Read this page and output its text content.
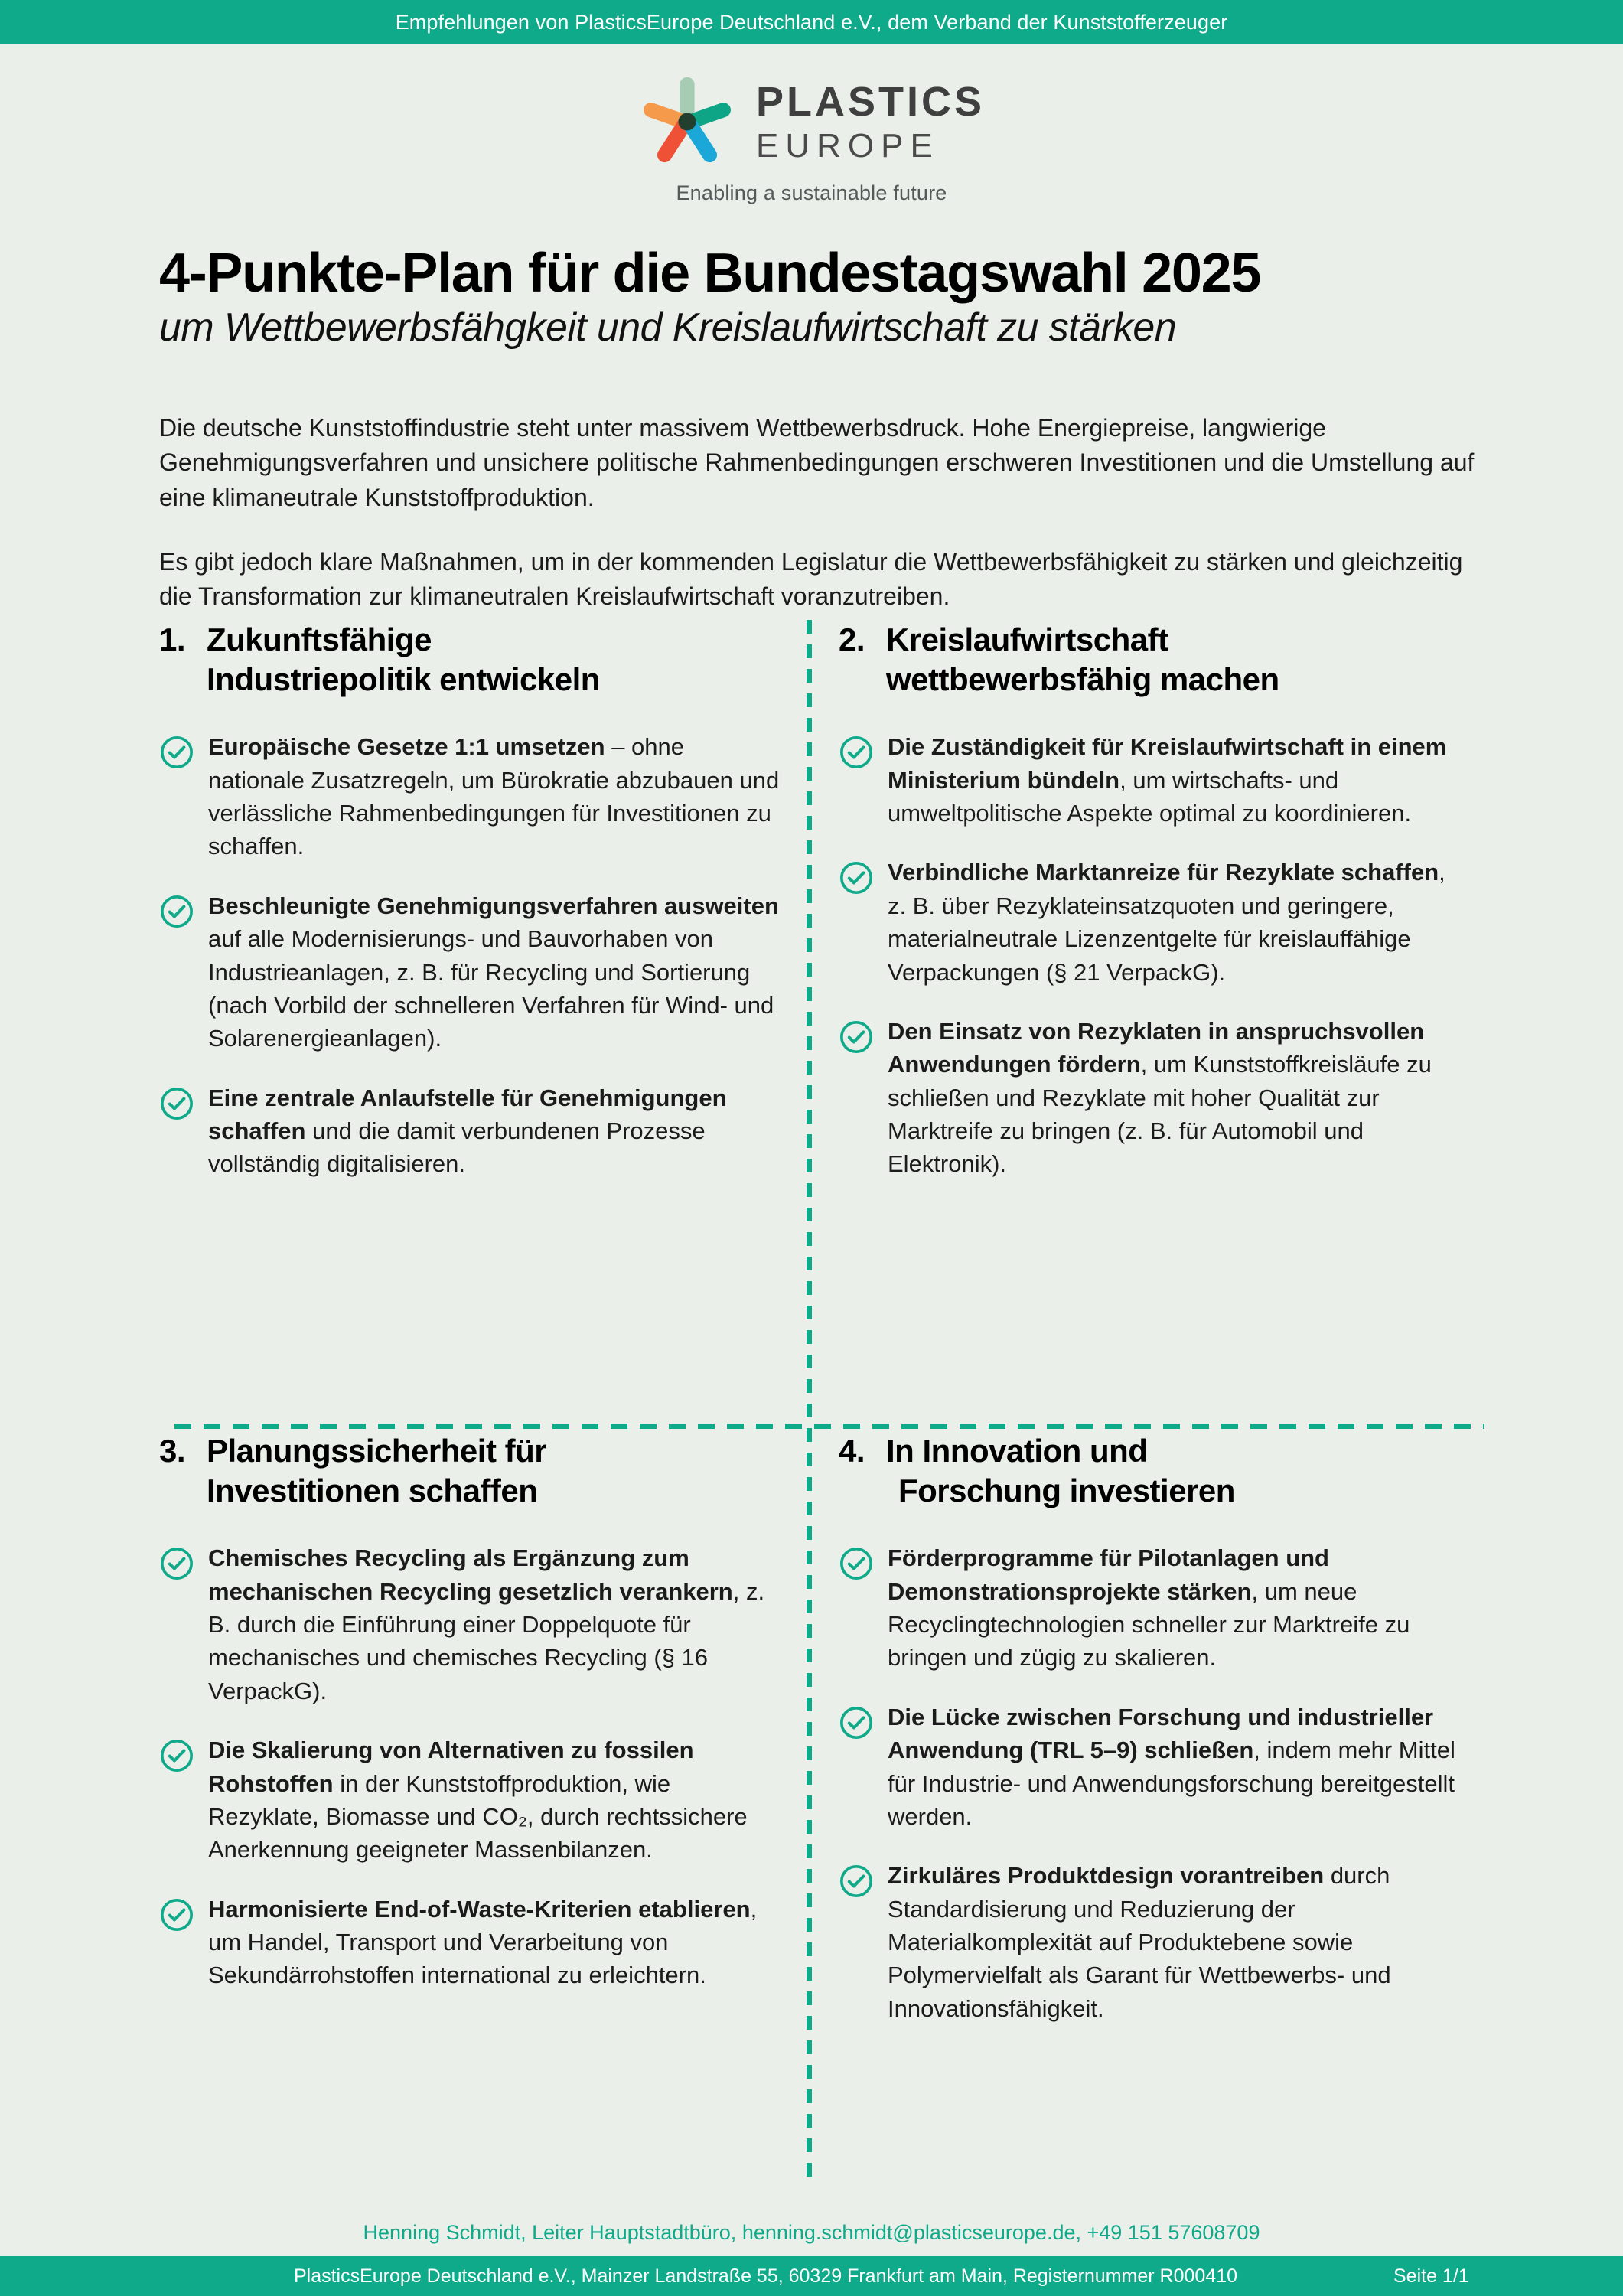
Empfehlungen von PlasticsEurope Deutschland e.V., dem Verband der Kunststofferzeuger
PLASTICS
EUROPE
Enabling a sustainable future
4-Punkte-Plan für die Bundestagswahl 2025
um Wettbewerbsfähgkeit und Kreislaufwirtschaft zu stärken

Die deutsche Kunststoffindustrie steht unter massivem Wettbewerbsdruck. Hohe Energiepreise, langwierige Genehmigungsverfahren und unsichere politische Rahmenbedingungen erschweren Investitionen und die Umstellung auf eine klimaneutrale Kunststoffproduktion.

Es gibt jedoch klare Maßnahmen, um in der kommenden Legislatur die Wettbewerbsfähigkeit zu stärken und gleichzeitig die Transformation zur klimaneutralen Kreislaufwirtschaft voranzutreiben.

1. Zukunftsfähige
Industriepolitik entwickeln
Europäische Gesetze 1:1 umsetzen – ohne nationale Zusatzregeln, um Bürokratie abzubauen und verlässliche Rahmenbedingungen für Investitionen zu schaffen.
Beschleunigte Genehmigungsverfahren ausweiten auf alle Modernisierungs- und Bauvorhaben von Industrieanlagen, z. B. für Recycling und Sortierung (nach Vorbild der schnelleren Verfahren für Wind- und Solarenergieanlagen).
Eine zentrale Anlaufstelle für Genehmigungen schaffen und die damit verbundenen Prozesse vollständig digitalisieren.
2. Kreislaufwirtschaft
wettbewerbsfähig machen
Die Zuständigkeit für Kreislaufwirtschaft in einem Ministerium bündeln, um wirtschafts- und umweltpolitische Aspekte optimal zu koordinieren.
Verbindliche Marktanreize für Rezyklate schaffen, z. B. über Rezyklateinsatzquoten und geringere, materialneutrale Lizenzentgelte für kreislauffähige Verpackungen (§ 21 VerpackG).
Den Einsatz von Rezyklaten in anspruchsvollen Anwendungen fördern, um Kunststoffkreisläufe zu schließen und Rezyklate mit hoher Qualität zur Marktreife zu bringen (z. B. für Automobil und Elektronik).
3. Planungssicherheit für
Investitionen schaffen
Chemisches Recycling als Ergänzung zum mechanischen Recycling gesetzlich verankern, z. B. durch die Einführung einer Doppelquote für mechanisches und chemisches Recycling (§ 16 VerpackG).
Die Skalierung von Alternativen zu fossilen Rohstoffen in der Kunststoffproduktion, wie Rezyklate, Biomasse und CO₂, durch rechtssichere Anerkennung geeigneter Massenbilanzen.
Harmonisierte End-of-Waste-Kriterien etablieren, um Handel, Transport und Verarbeitung von Sekundärrohstoffen international zu erleichtern.
4. In Innovation und

Forschung investieren
Förderprogramme für Pilotanlagen und Demonstrationsprojekte stärken, um neue Recyclingtechnologien schneller zur Marktreife zu bringen und zügig zu skalieren.
Die Lücke zwischen Forschung und industrieller Anwendung (TRL 5–9) schließen, indem mehr Mittel für Industrie- und Anwendungsforschung bereitgestellt werden.
Zirkuläres Produktdesign vorantreiben durch Standardisierung und Reduzierung der Materialkomplexität auf Produktebene sowie Polymervielfalt als Garant für Wettbewerbs- und Innovationsfähigkeit.
Henning Schmidt, Leiter Hauptstadtbüro, henning.schmidt@plasticseurope.de, +49 151 57608709
PlasticsEurope Deutschland e.V., Mainzer Landstraße 55, 60329 Frankfurt am Main, Registernummer R000410	Seite 1/1
